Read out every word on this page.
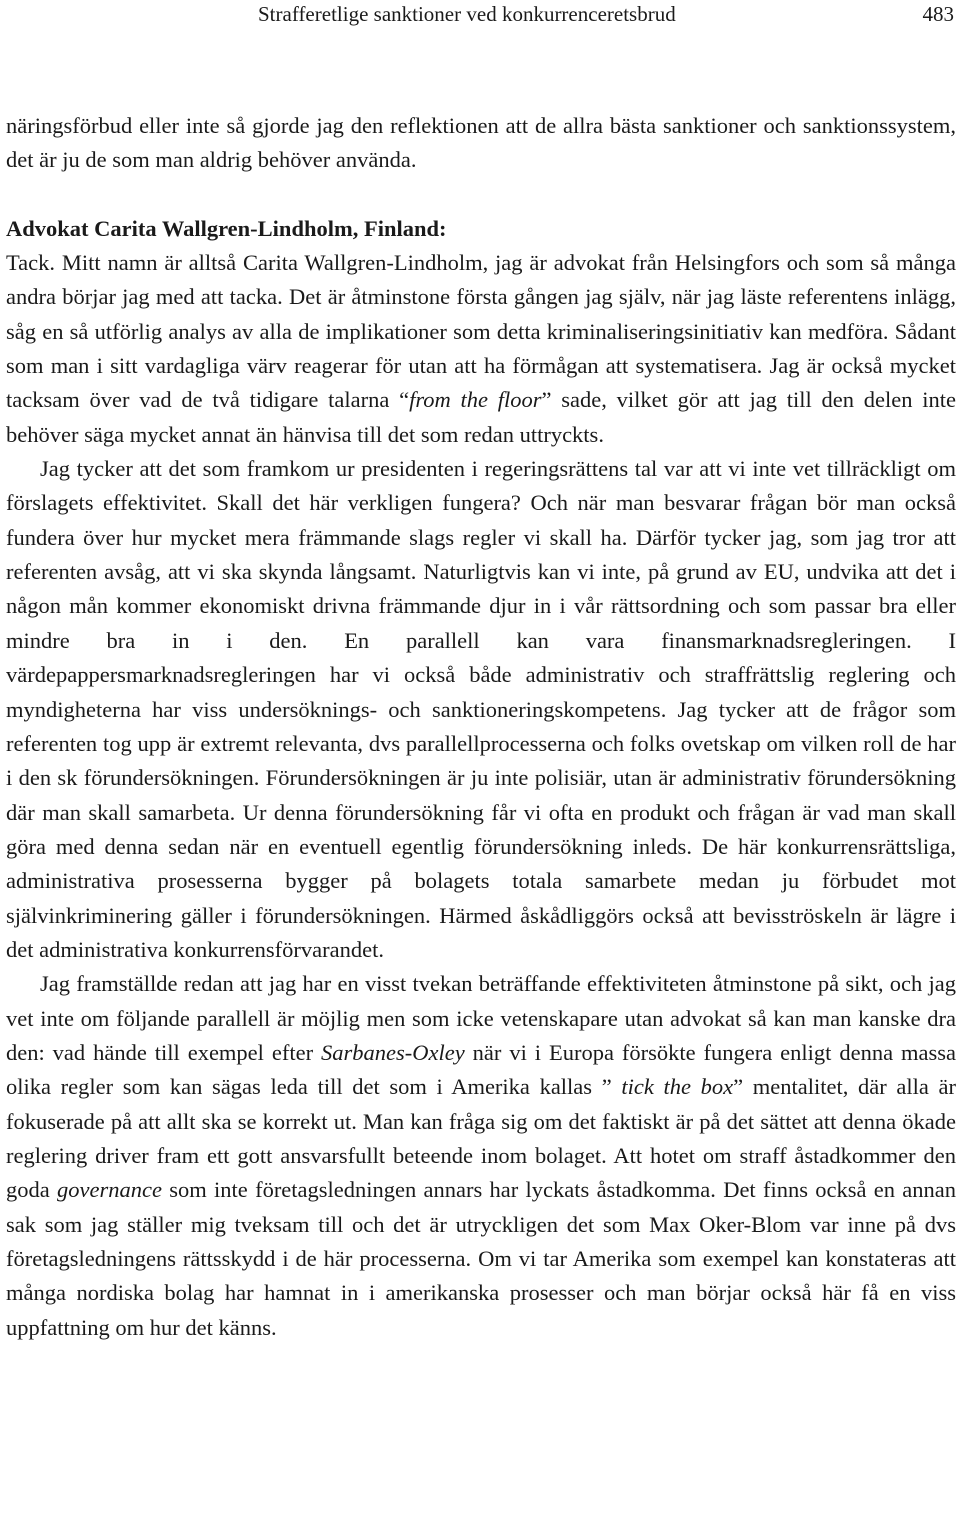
Strafferetlige sanktioner ved konkurrenceretsbrud	483

näringsförbud eller inte så gjorde jag den reflektionen att de allra bästa sanktioner och sanktionssystem, det är ju de som man aldrig behöver använda.

Advokat Carita Wallgren-Lindholm, Finland:

Tack. Mitt namn är alltså Carita Wallgren-Lindholm, jag är advokat från Helsingfors och som så många andra börjar jag med att tacka. Det är åtminstone första gången jag själv, när jag läste referentens inlägg, såg en så utförlig analys av alla de implikationer som detta kriminaliseringsinitiativ kan medföra. Sådant som man i sitt vardagliga värv reagerar för utan att ha förmågan att systematisera. Jag är också mycket tacksam över vad de två tidigare talarna “from the floor” sade, vilket gör att jag till den delen inte behöver säga mycket annat än hänvisa till det som redan uttryckts.

Jag tycker att det som framkom ur presidenten i regeringsrättens tal var att vi inte vet tillräckligt om förslagets effektivitet. Skall det här verkligen fungera? Och när man besvarar frågan bör man också fundera över hur mycket mera främmande slags regler vi skall ha. Därför tycker jag, som jag tror att referenten avsåg, att vi ska skynda långsamt. Naturligtvis kan vi inte, på grund av EU, undvika att det i någon mån kommer ekonomiskt drivna främmande djur in i vår rättsordning och som passar bra eller mindre bra in i den. En parallell kan vara finansmarknadsregleringen. I värdepappersmarknadsregleringen har vi också både administrativ och straffrättslig reglering och myndigheterna har viss undersöknings- och sanktioneringskompetens. Jag tycker att de frågor som referenten tog upp är extremt relevanta, dvs parallellprocesserna och folks ovetskap om vilken roll de har i den sk förundersökningen. Förundersökningen är ju inte polisiär, utan är administrativ förundersökning där man skall samarbeta. Ur denna förundersökning får vi ofta en produkt och frågan är vad man skall göra med denna sedan när en eventuell egentlig förundersökning inleds. De här konkurrensrättsliga, administrativa prosesserna bygger på bolagets totala samarbete medan ju förbudet mot självinkriminering gäller i förundersökningen. Härmed åskådliggörs också att bevisströskeln är lägre i det administrativa konkurrensförvarandet.

Jag framställde redan att jag har en visst tvekan beträffande effektiviteten åtminstone på sikt, och jag vet inte om följande parallell är möjlig men som icke vetenskapare utan advokat så kan man kanske dra den: vad hände till exempel efter Sarbanes-Oxley när vi i Europa försökte fungera enligt denna massa olika regler som kan sägas leda till det som i Amerika kallas ” tick the box” mentalitet, där alla är fokuserade på att allt ska se korrekt ut. Man kan fråga sig om det faktiskt är på det sättet att denna ökade reglering driver fram ett gott ansvarsfullt beteende inom bolaget. Att hotet om straff åstadkommer den goda governance som inte företagsledningen annars har lyckats åstadkomma. Det finns också en annan sak som jag ställer mig tveksam till och det är utryckligen det som Max Oker-Blom var inne på dvs företagsledningens rättsskydd i de här processerna. Om vi tar Amerika som exempel kan konstateras att många nordiska bolag har hamnat in i amerikanska prosesser och man börjar också här få en viss uppfattning om hur det känns.
